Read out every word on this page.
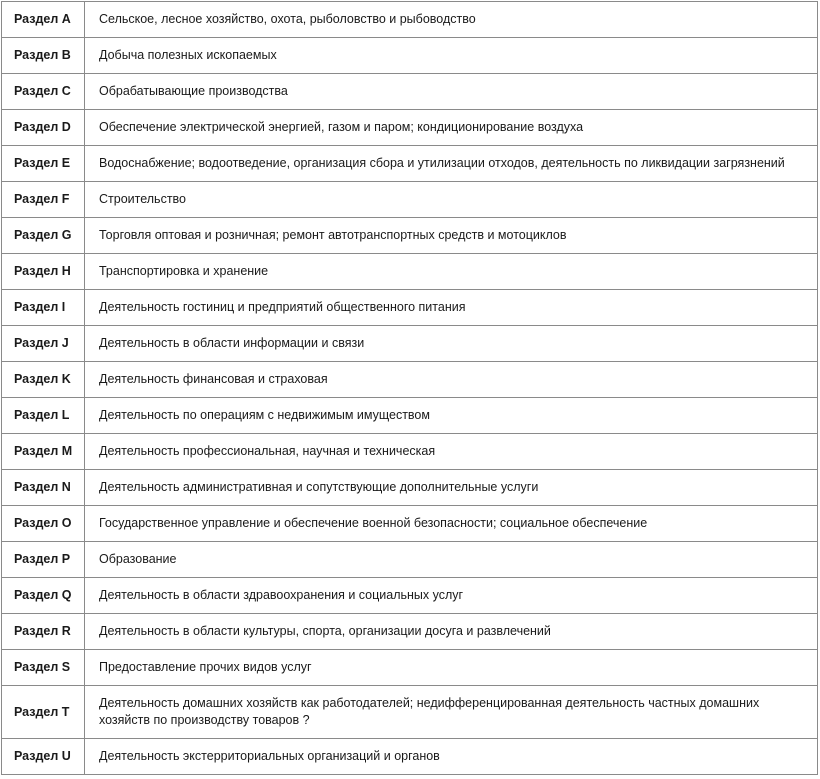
Раздел A	Сельское, лесное хозяйство, охота, рыболовство и рыбоводство
Раздел B	Добыча полезных ископаемых
Раздел C	Обрабатывающие производства
Раздел D	Обеспечение электрической энергией, газом и паром; кондиционирование воздуха
Раздел E	Водоснабжение; водоотведение, организация сбора и утилизации отходов, деятельность по ликвидации загрязнений
Раздел F	Строительство
Раздел G	Торговля оптовая и розничная; ремонт автотранспортных средств и мотоциклов
Раздел H	Транспортировка и хранение
Раздел I	Деятельность гостиниц и предприятий общественного питания
Раздел J	Деятельность в области информации и связи
Раздел K	Деятельность финансовая и страховая
Раздел L	Деятельность по операциям с недвижимым имуществом
Раздел M	Деятельность профессиональная, научная и техническая
Раздел N	Деятельность административная и сопутствующие дополнительные услуги
Раздел O	Государственное управление и обеспечение военной безопасности; социальное обеспечение
Раздел P	Образование
Раздел Q	Деятельность в области здравоохранения и социальных услуг
Раздел R	Деятельность в области культуры, спорта, организации досуга и развлечений
Раздел S	Предоставление прочих видов услуг
Раздел T	Деятельность домашних хозяйств как работодателей; недифференцированная деятельность частных домашних хозяйств по производству товаров ?
Раздел U	Деятельность экстерриториальных организаций и органов
